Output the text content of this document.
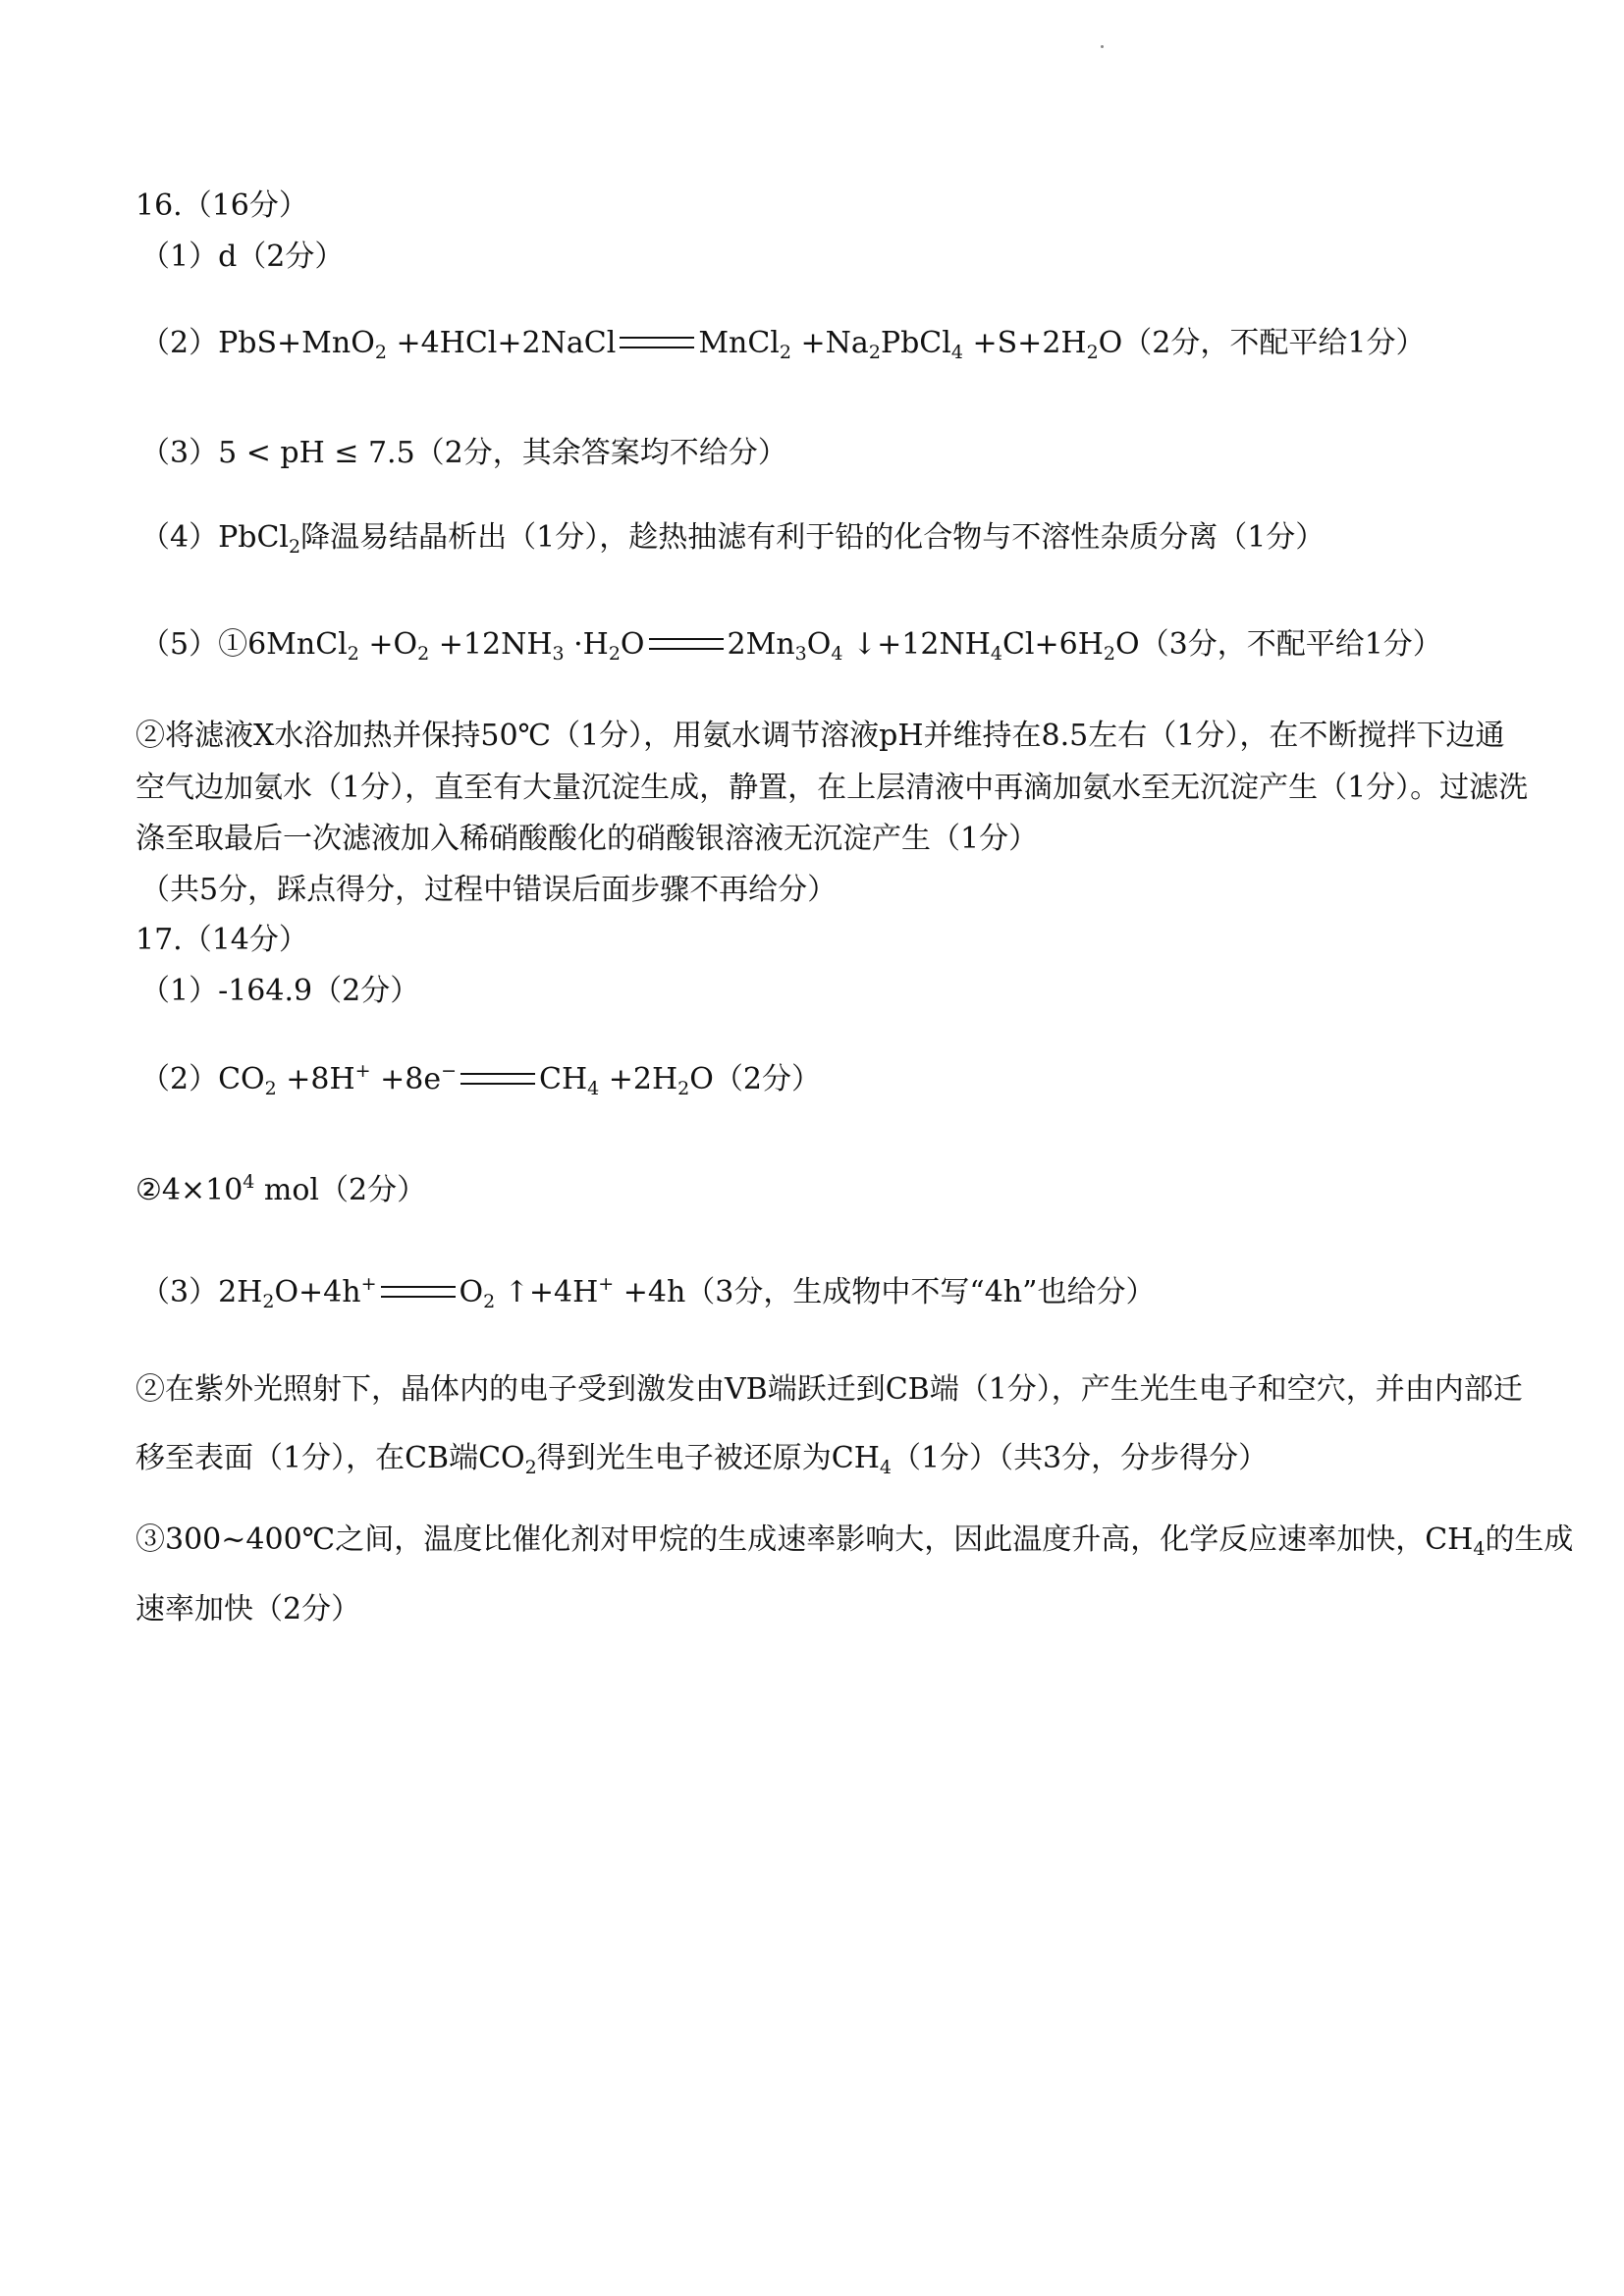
16.（16分）
（1）d（2分）
（2）PbS+MnO$_2$ +4HCl+2NaCl	MnCl$_2$ $+Na_2PbCl_4 +S+2H_2O(2$分，不配平给1分）
（3）5 < pH ≤ 7.5（2分，其余答案均不给分）
（4）PbCl$_2$降温易结晶析出（1分），趁热抽滤有利于铅的化合物与不溶性杂质分离（1分）
（5）①6MnCl$_2$ $+O_2 +12NH_3 \cdot H_2O$	$2Mn_3O_4$ $↓+12NH_4Cl+6H_2O(3$分，不配平给1分）
②将滤液X水浴加热并保持50℃（1分），用氨水调节溶液pH并维持在8.5左右（1分），在不断搅拌下边通
空气边加氨水（1分），直至有大量沉淀生成，静置，在上层清液中再滴加氨水至无沉淀产生（1分）。过滤洗
涤至取最后一次滤液加入稀硝酸酸化的硝酸银溶液无沉淀产生（1分）
（共5分，踩点得分，过程中错误后面步骤不再给分）
17.（14分）
（1）-164.9（2分）
$(2)CO_2 +8H^+ +8e^-$	$CH_4 +2H_2O(2$分）
$②4\times 10^4$ mol（2分）
$(3)2H_2O+4h^+$	$O_2$ ↑+4H+ +4h（3分，生成物中不写“4h”也给分）
②在紫外光照射下，晶体内的电子受到激发由VB端跃迁到CB端（1分），产生光生电子和空穴，并由内部迁
移至表面（1分），在CB端$CO_2$得到光生电子被还原为$CH_4(1$分）（共3分，分步得分）
③300~400℃之间，温度比催化剂对甲烷的生成速率影响大，因此温度升高，化学反应速率加快，$CH_4$的生成
速率加快（2分）
